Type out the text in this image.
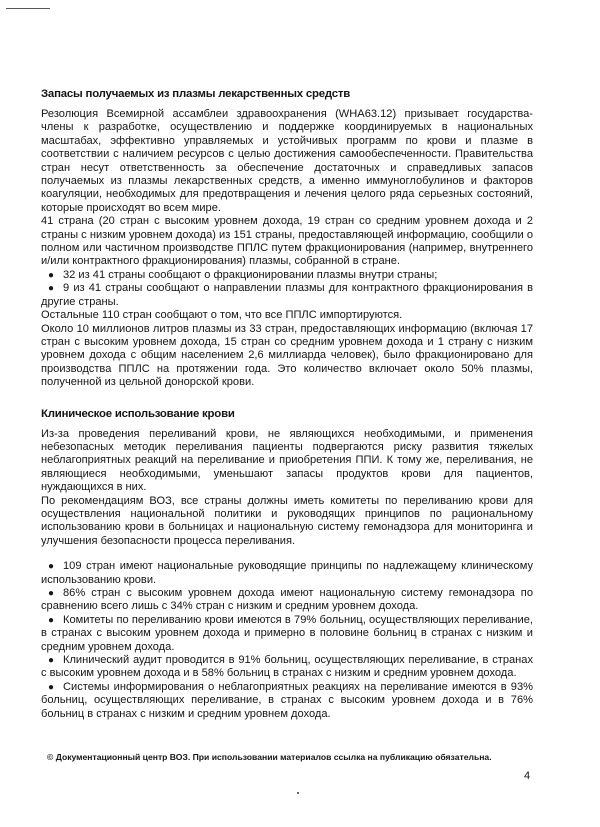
Запасы получаемых из плазмы лекарственных средств

Резолюция Всемирной ассамблеи здравоохранения (WHA63.12) призывает государства-члены к разработке, осуществлению и поддержке координируемых в национальных масштабах, эффективно управляемых и устойчивых программ по крови и плазме в соответствии с наличием ресурсов с целью достижения самообеспеченности. Правительства стран несут ответственность за обеспечение достаточных и справедливых запасов получаемых из плазмы лекарственных средств, а именно иммуноглобулинов и факторов коагуляции, необходимых для предотвращения и лечения целого ряда серьезных состояний, которые происходят во всем мире.

41 страна (20 стран с высоким уровнем дохода, 19 стран со средним уровнем дохода и 2 страны с низким уровнем дохода) из 151 страны, предоставляющей информацию, сообщили о полном или частичном производстве ППЛС путем фракционирования (например, внутреннего и/или контрактного фракционирования) плазмы, собранной в стране.

● 32 из 41 страны сообщают о фракционировании плазмы внутри страны;
● 9 из 41 страны сообщают о направлении плазмы для контрактного фракционирования в другие страны.

Остальные 110 стран сообщают о том, что все ППЛС импортируются.

Около 10 миллионов литров плазмы из 33 стран, предоставляющих информацию (включая 17 стран с высоким уровнем дохода, 15 стран со средним уровнем дохода и 1 страну с низким уровнем дохода с общим населением 2,6 миллиарда человек), было фракционировано для производства ППЛС на протяжении года. Это количество включает около 50% плазмы, полученной из цельной донорской крови.

Клиническое использование крови

Из-за проведения переливаний крови, не являющихся необходимыми, и применения небезопасных методик переливания пациенты подвергаются риску развития тяжелых неблагоприятных реакций на переливание и приобретения ППИ. К тому же, переливания, не являющиеся необходимыми, уменьшают запасы продуктов крови для пациентов, нуждающихся в них.

По рекомендациям ВОЗ, все страны должны иметь комитеты по переливанию крови для осуществления национальной политики и руководящих принципов по рациональному использованию крови в больницах и национальную систему гемонадзора для мониторинга и улучшения безопасности процесса переливания.

● 109 стран имеют национальные руководящие принципы по надлежащему клиническому использованию крови.
● 86% стран с высоким уровнем дохода имеют национальную систему гемонадзора по сравнению всего лишь с 34% стран с низким и средним уровнем дохода.
● Комитеты по переливанию крови имеются в 79% больниц, осуществляющих переливание, в странах с высоким уровнем дохода и примерно в половине больниц в странах с низким и средним уровнем дохода.
● Клинический аудит проводится в 91% больниц, осуществляющих переливание, в странах с высоким уровнем дохода и в 58% больниц в странах с низким и средним уровнем дохода.
● Системы информирования о неблагоприятных реакциях на переливание имеются в 93% больниц, осуществляющих переливание, в странах с высоким уровнем дохода и в 76% больниц в странах с низким и средним уровнем дохода.
© Документационный центр ВОЗ. При использовании материалов ссылка на публикацию обязательна.
4
